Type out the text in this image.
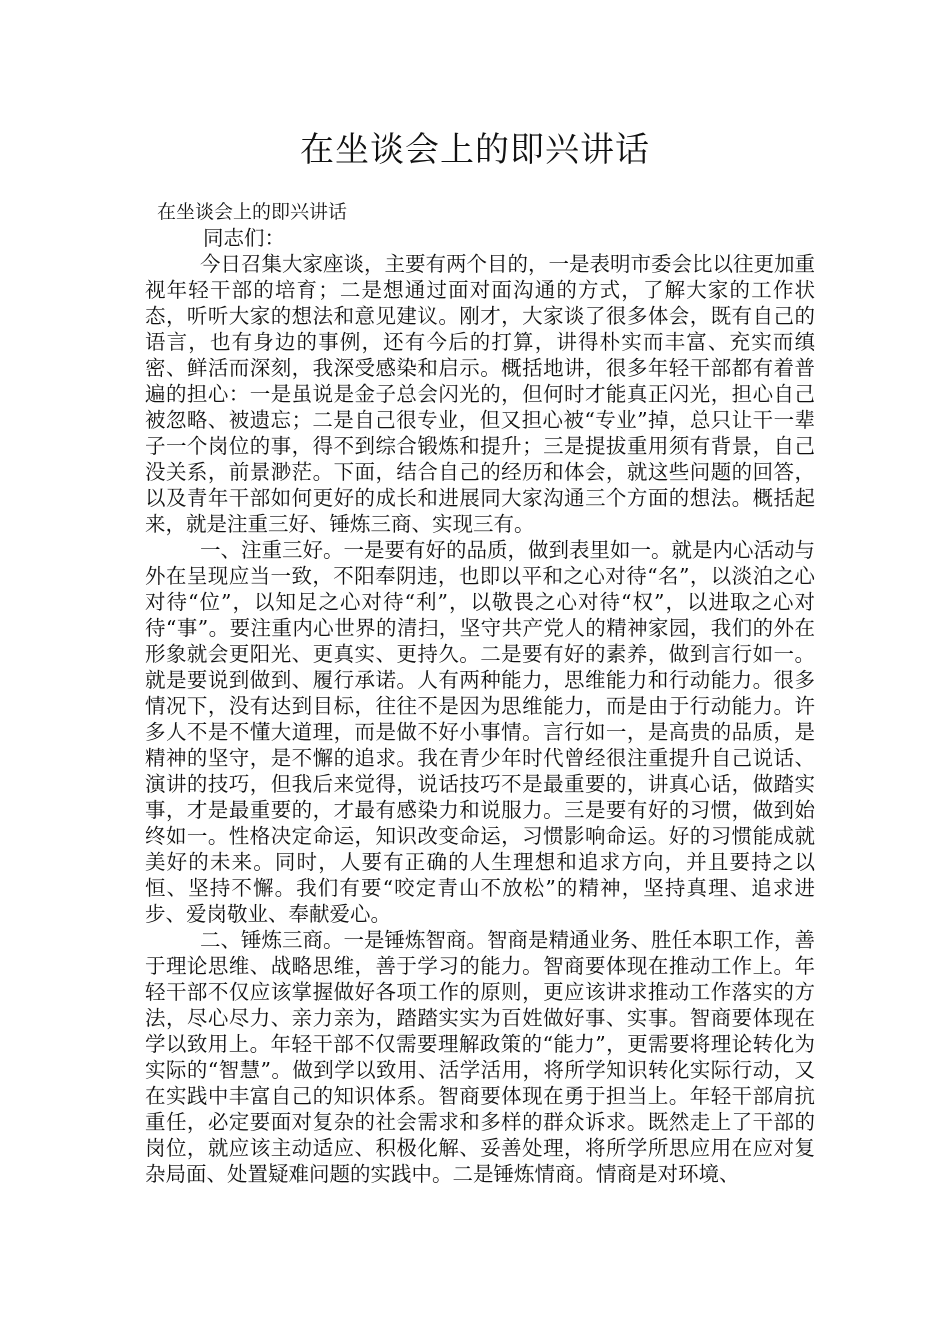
在坐谈会上的即兴讲话
在坐谈会上的即兴讲话

同志们：

今日召集大家座谈，主要有两个目的，一是表明市委会比以往更加重视年轻干部的培育；二是想通过面对面沟通的方式，了解大家的工作状态，听听大家的想法和意见建议。刚才，大家谈了很多体会，既有自己的语言，也有身边的事例，还有今后的打算，讲得朴实而丰富、充实而缜密、鲜活而深刻，我深受感染和启示。概括地讲，很多年轻干部都有着普遍的担心：一是虽说是金子总会闪光的，但何时才能真正闪光，担心自己被忽略、被遗忘；二是自己很专业，但又担心被“专业”掉，总只让干一辈子一个岗位的事，得不到综合锻炼和提升；三是提拔重用须有背景，自己没关系，前景渺茫。下面，结合自己的经历和体会，就这些问题的回答，以及青年干部如何更好的成长和进展同大家沟通三个方面的想法。概括起来，就是注重三好、锤炼三商、实现三有。

一、注重三好。一是要有好的品质，做到表里如一。就是内心活动与外在呈现应当一致，不阳奉阴违，也即以平和之心对待“名”，以淡泊之心对待“位”，以知足之心对待“利”，以敬畏之心对待“权”，以进取之心对待“事”。要注重内心世界的清扫，坚守共产党人的精神家园，我们的外在形象就会更阳光、更真实、更持久。二是要有好的素养，做到言行如一。就是要说到做到、履行承诺。人有两种能力，思维能力和行动能力。很多情况下，没有达到目标，往往不是因为思维能力，而是由于行动能力。许多人不是不懂大道理，而是做不好小事情。言行如一，是高贵的品质，是精神的坚守，是不懈的追求。我在青少年时代曾经很注重提升自己说话、演讲的技巧，但我后来觉得，说话技巧不是最重要的，讲真心话，做踏实事，才是最重要的，才最有感染力和说服力。三是要有好的习惯，做到始终如一。性格决定命运，知识改变命运，习惯影响命运。好的习惯能成就美好的未来。同时，人要有正确的人生理想和追求方向，并且要持之以恒、坚持不懈。我们有要“咬定青山不放松”的精神，坚持真理、追求进步、爱岗敬业、奉献爱心。

二、锤炼三商。一是锤炼智商。智商是精通业务、胜任本职工作，善于理论思维、战略思维，善于学习的能力。智商要体现在推动工作上。年轻干部不仅应该掌握做好各项工作的原则，更应该讲求推动工作落实的方法，尽心尽力、亲力亲为，踏踏实实为百姓做好事、实事。智商要体现在学以致用上。年轻干部不仅需要理解政策的“能力”，更需要将理论转化为实际的“智慧”。做到学以致用、活学活用，将所学知识转化实际行动，又在实践中丰富自己的知识体系。智商要体现在勇于担当上。年轻干部肩抗重任，必定要面对复杂的社会需求和多样的群众诉求。既然走上了干部的岗位，就应该主动适应、积极化解、妥善处理，将所学所思应用在应对复杂局面、处置疑难问题的实践中。二是锤炼情商。情商是对环境、
